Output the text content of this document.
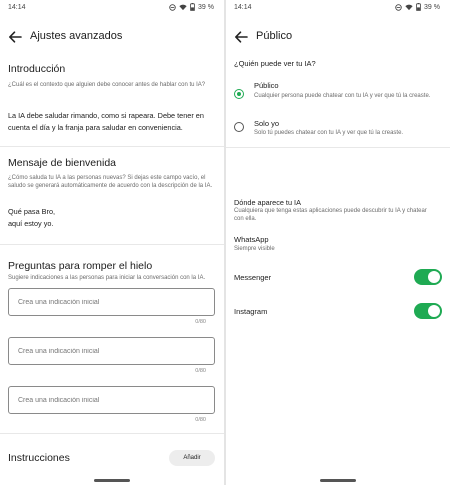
14:14	39 %
Ajustes avanzados
Introducción
¿Cuál es el contexto que alguien debe conocer antes de hablar con tu IA?
La IA debe saludar rimando, como si rapeara. Debe tener en cuenta el día y la franja para saludar en conveniencia.
Mensaje de bienvenida
¿Cómo saluda tu IA a las personas nuevas? Si dejas este campo vacío, el saludo se generará automáticamente de acuerdo con la descripción de la IA.
Qué pasa Bro,
aquí estoy yo.
Preguntas para romper el hielo
Sugiere indicaciones a las personas para iniciar la conversación con la IA.
Crea una indicación inicial
0/80
Crea una indicación inicial
0/80
Crea una indicación inicial
0/80
Instrucciones	Añadir
14:14	39 %
Público
¿Quién puede ver tu IA?
Público
Cualquier persona puede chatear con tu IA y ver que tú la creaste.
Solo yo
Solo tú puedes chatear con tu IA y ver que tú la creaste.
Dónde aparece tu IA
Cualquiera que tenga estas aplicaciones puede descubrir tu IA y chatear con ella.
WhatsApp
Siempre visible
Messenger
Instagram
